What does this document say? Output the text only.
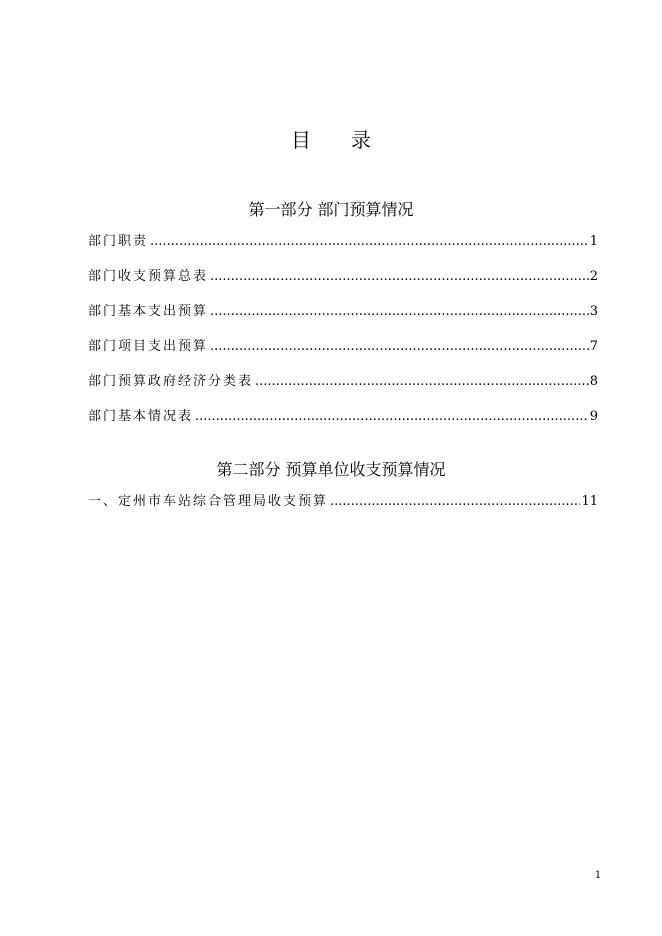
目 录
第一部分 部门预算情况
部门职责 .....	1
部门收支预算总表 .....	2
部门基本支出预算 .....	3
部门项目支出预算 .....	7
部门预算政府经济分类表 .....	8
部门基本情况表 .....	9
第二部分 预算单位收支预算情况
一、定州市车站综合管理局收支预算 .....	11
1
